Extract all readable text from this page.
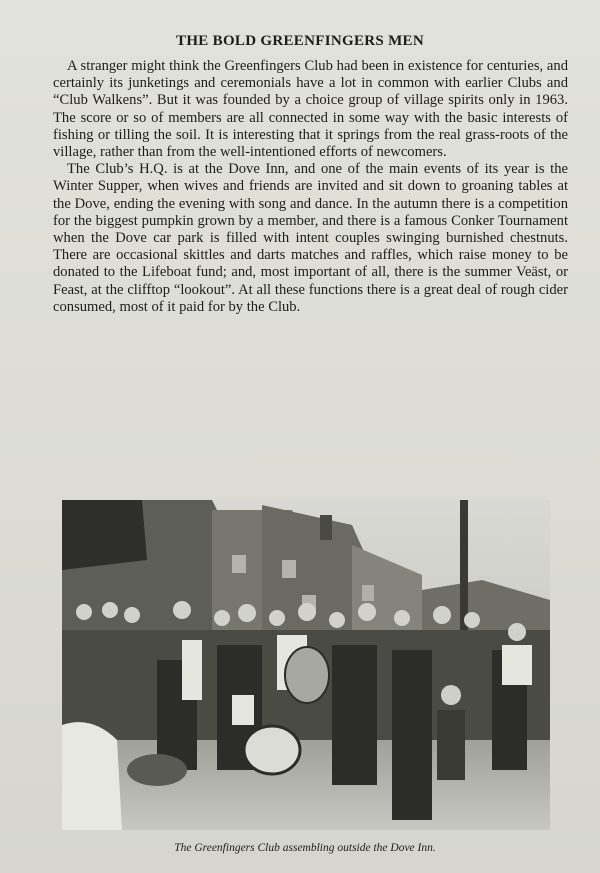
THE BOLD GREENFINGERS MEN

A stranger might think the Greenfingers Club had been in existence for centuries, and certainly its junketings and ceremonials have a lot in common with earlier Clubs and “Club Walkens”. But it was founded by a choice group of village spirits only in 1963. The score or so of members are all connected in some way with the basic interests of fishing or tilling the soil. It is interesting that it springs from the real grass-roots of the village, rather than from the well-intentioned efforts of newcomers.

The Club’s H.Q. is at the Dove Inn, and one of the main events of its year is the Winter Supper, when wives and friends are invited and sit down to groaning tables at the Dove, ending the evening with song and dance. In the autumn there is a competition for the biggest pumpkin grown by a member, and there is a famous Conker Tournament when the Dove car park is filled with intent couples swinging burnished chestnuts. There are occasional skittles and darts matches and raffles, which raise money to be donated to the Lifeboat fund; and, most important of all, there is the summer Veäst, or Feast, at the clifftop “lookout”. At all these functions there is a great deal of rough cider consumed, most of it paid for by the Club.

The Greenfingers Club assembling outside the Dove Inn.
